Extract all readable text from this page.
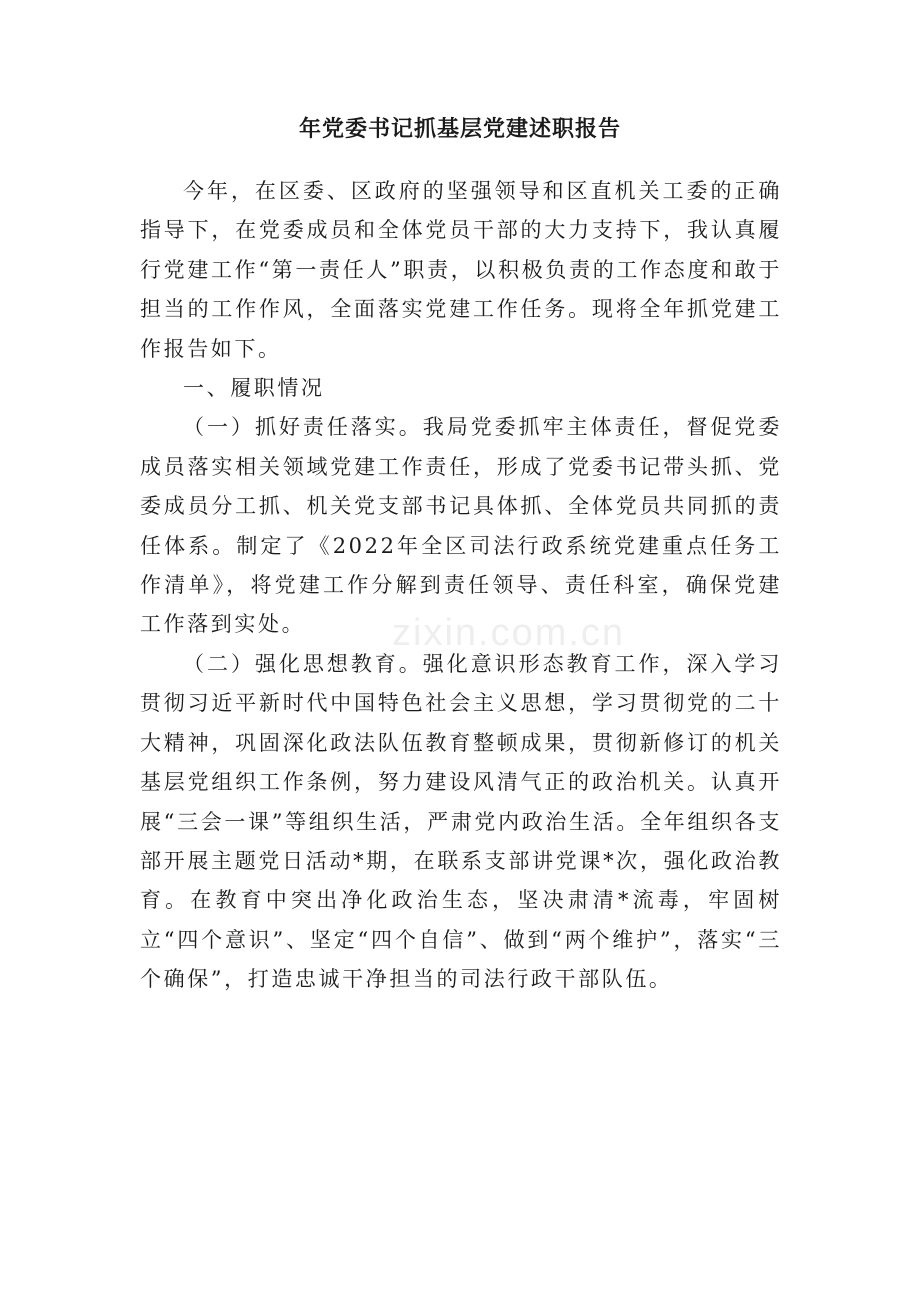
年党委书记抓基层党建述职报告

今年，在区委、区政府的坚强领导和区直机关工委的正确指导下，在党委成员和全体党员干部的大力支持下，我认真履行党建工作“第一责任人”职责，以积极负责的工作态度和敢于担当的工作作风，全面落实党建工作任务。现将全年抓党建工作报告如下。

一、履职情况

（一）抓好责任落实。我局党委抓牢主体责任，督促党委成员落实相关领域党建工作责任，形成了党委书记带头抓、党委成员分工抓、机关党支部书记具体抓、全体党员共同抓的责任体系。制定了《2022年全区司法行政系统党建重点任务工作清单》，将党建工作分解到责任领导、责任科室，确保党建工作落到实处。

（二）强化思想教育。强化意识形态教育工作，深入学习贯彻习近平新时代中国特色社会主义思想，学习贯彻党的二十大精神，巩固深化政法队伍教育整顿成果，贯彻新修订的机关基层党组织工作条例，努力建设风清气正的政治机关。认真开展“三会一课”等组织生活，严肃党内政治生活。全年组织各支部开展主题党日活动*期，在联系支部讲党课*次，强化政治教育。在教育中突出净化政治生态，坚决肃清*流毒，牢固树立“四个意识”、坚定“四个自信”、做到“两个维护”，落实“三个确保”，打造忠诚干净担当的司法行政干部队伍。

zixin.com.cn
